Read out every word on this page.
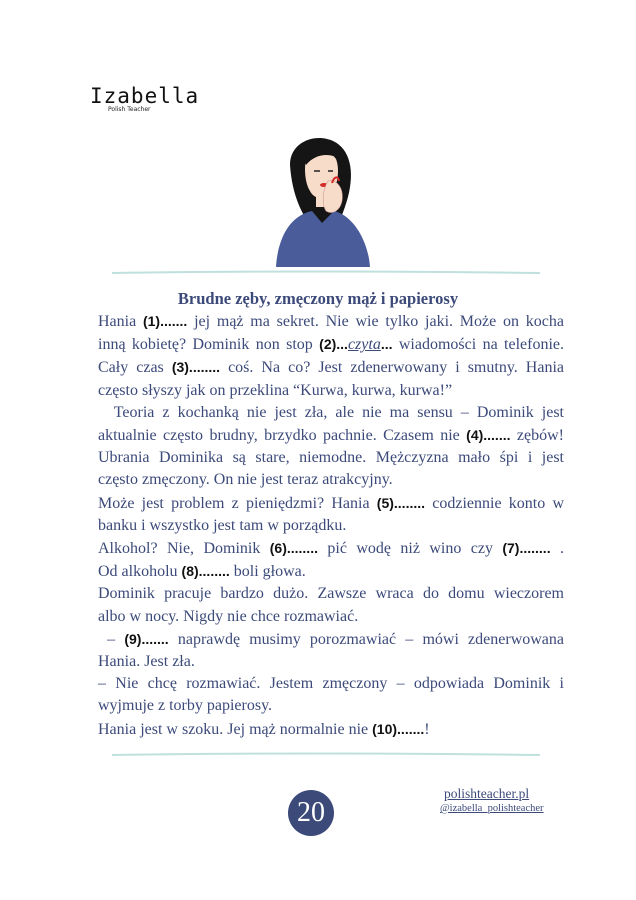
Izabella
Polish Teacher
Brudne zęby, zmęczony mąż i papierosy
Hania (1)....... jej mąż ma sekret. Nie wie tylko jaki. Może on kocha
inną kobietę? Dominik non stop (2)...czyta... wiadomości na telefonie.
Cały czas (3)........ coś. Na co? Jest zdenerwowany i smutny. Hania
często słyszy jak on przeklina “Kurwa, kurwa, kurwa!”
Teoria z kochanką nie jest zła, ale nie ma sensu – Dominik jest
aktualnie często brudny, brzydko pachnie. Czasem nie (4)....... zębów!
Ubrania Dominika są stare, niemodne. Mężczyzna mało śpi i jest
często zmęczony. On nie jest teraz atrakcyjny.
Może jest problem z pieniędzmi? Hania (5)........ codziennie konto w
banku i wszystko jest tam w porządku.
Alkohol? Nie, Dominik (6)........ pić wodę niż wino czy (7)........ .
Od alkoholu (8)........ boli głowa.
Dominik pracuje bardzo dużo. Zawsze wraca do domu wieczorem
albo w nocy. Nigdy nie chce rozmawiać.
– (9)....... naprawdę musimy porozmawiać – mówi zdenerwowana
Hania. Jest zła.
– Nie chcę rozmawiać. Jestem zmęczony – odpowiada Dominik i
wyjmuje z torby papierosy.
Hania jest w szoku. Jej mąż normalnie nie (10).......!
polishteacher.pl
@izabella_polishteacher
20
